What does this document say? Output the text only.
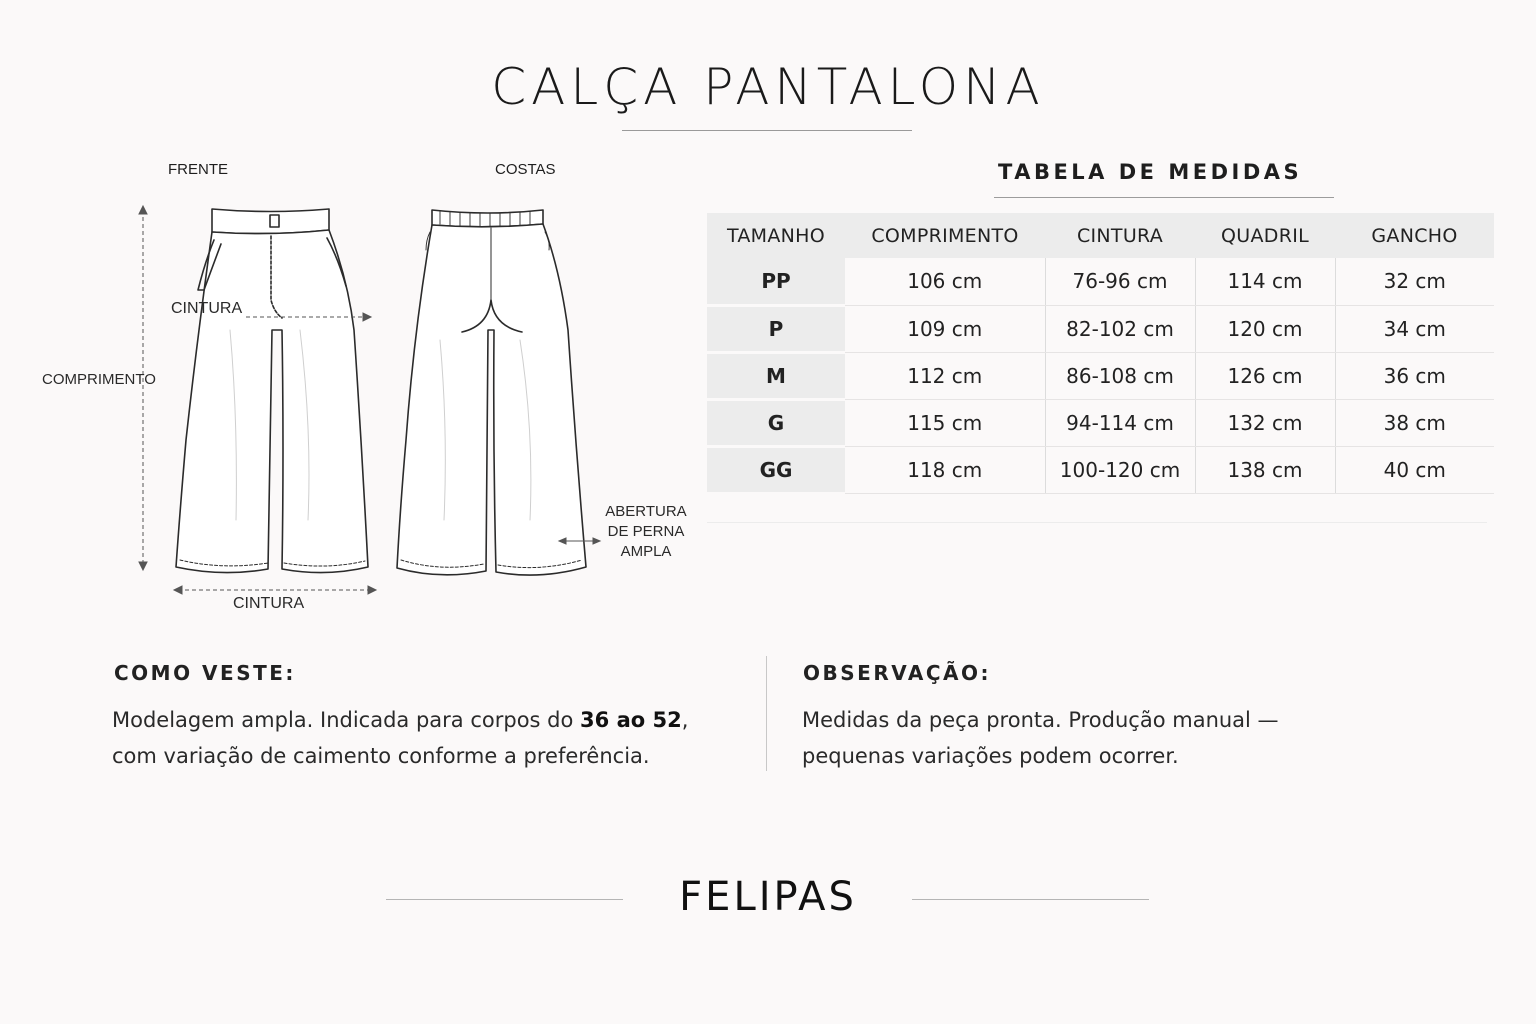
CALÇA PANTALONA
FRENTE	COSTAS
CINTURA
COMPRIMENTO
CINTURA
ABERTURA
DE PERNA
AMPLA
TABELA DE MEDIDAS
TAMANHO	COMPRIMENTO	CINTURA	QUADRIL	GANCHO
PP	106 cm	76-96 cm	114 cm	32 cm
P	109 cm	82-102 cm	120 cm	34 cm
M	112 cm	86-108 cm	126 cm	36 cm
G	115 cm	94-114 cm	132 cm	38 cm
GG	118 cm	100-120 cm	138 cm	40 cm
COMO VESTE:
Modelagem ampla. Indicada para corpos do 36 ao 52,
com variação de caimento conforme a preferência.
OBSERVAÇÃO:
Medidas da peça pronta. Produção manual —
pequenas variações podem ocorrer.
FELIPAS
